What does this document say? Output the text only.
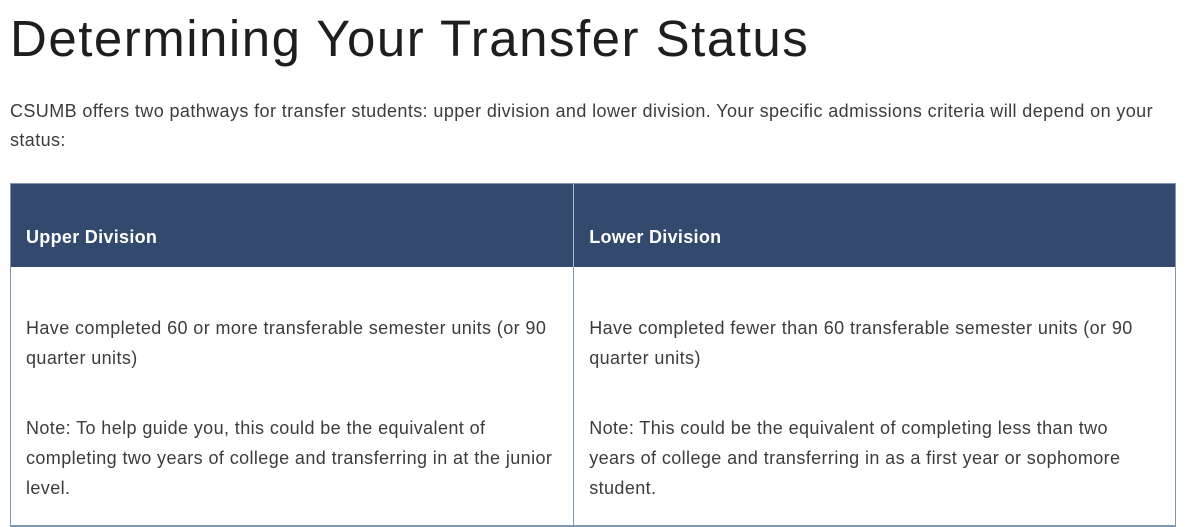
Determining Your Transfer Status

CSUMB offers two pathways for transfer students: upper division and lower division. Your specific admissions criteria will depend on your status:

Upper Division

Have completed 60 or more transferable semester units (or 90 quarter units)

Note: To help guide you, this could be the equivalent of completing two years of college and transferring in at the junior level.

Lower Division

Have completed fewer than 60 transferable semester units (or 90 quarter units)

Note: This could be the equivalent of completing less than two years of college and transferring in as a first year or sophomore student.
